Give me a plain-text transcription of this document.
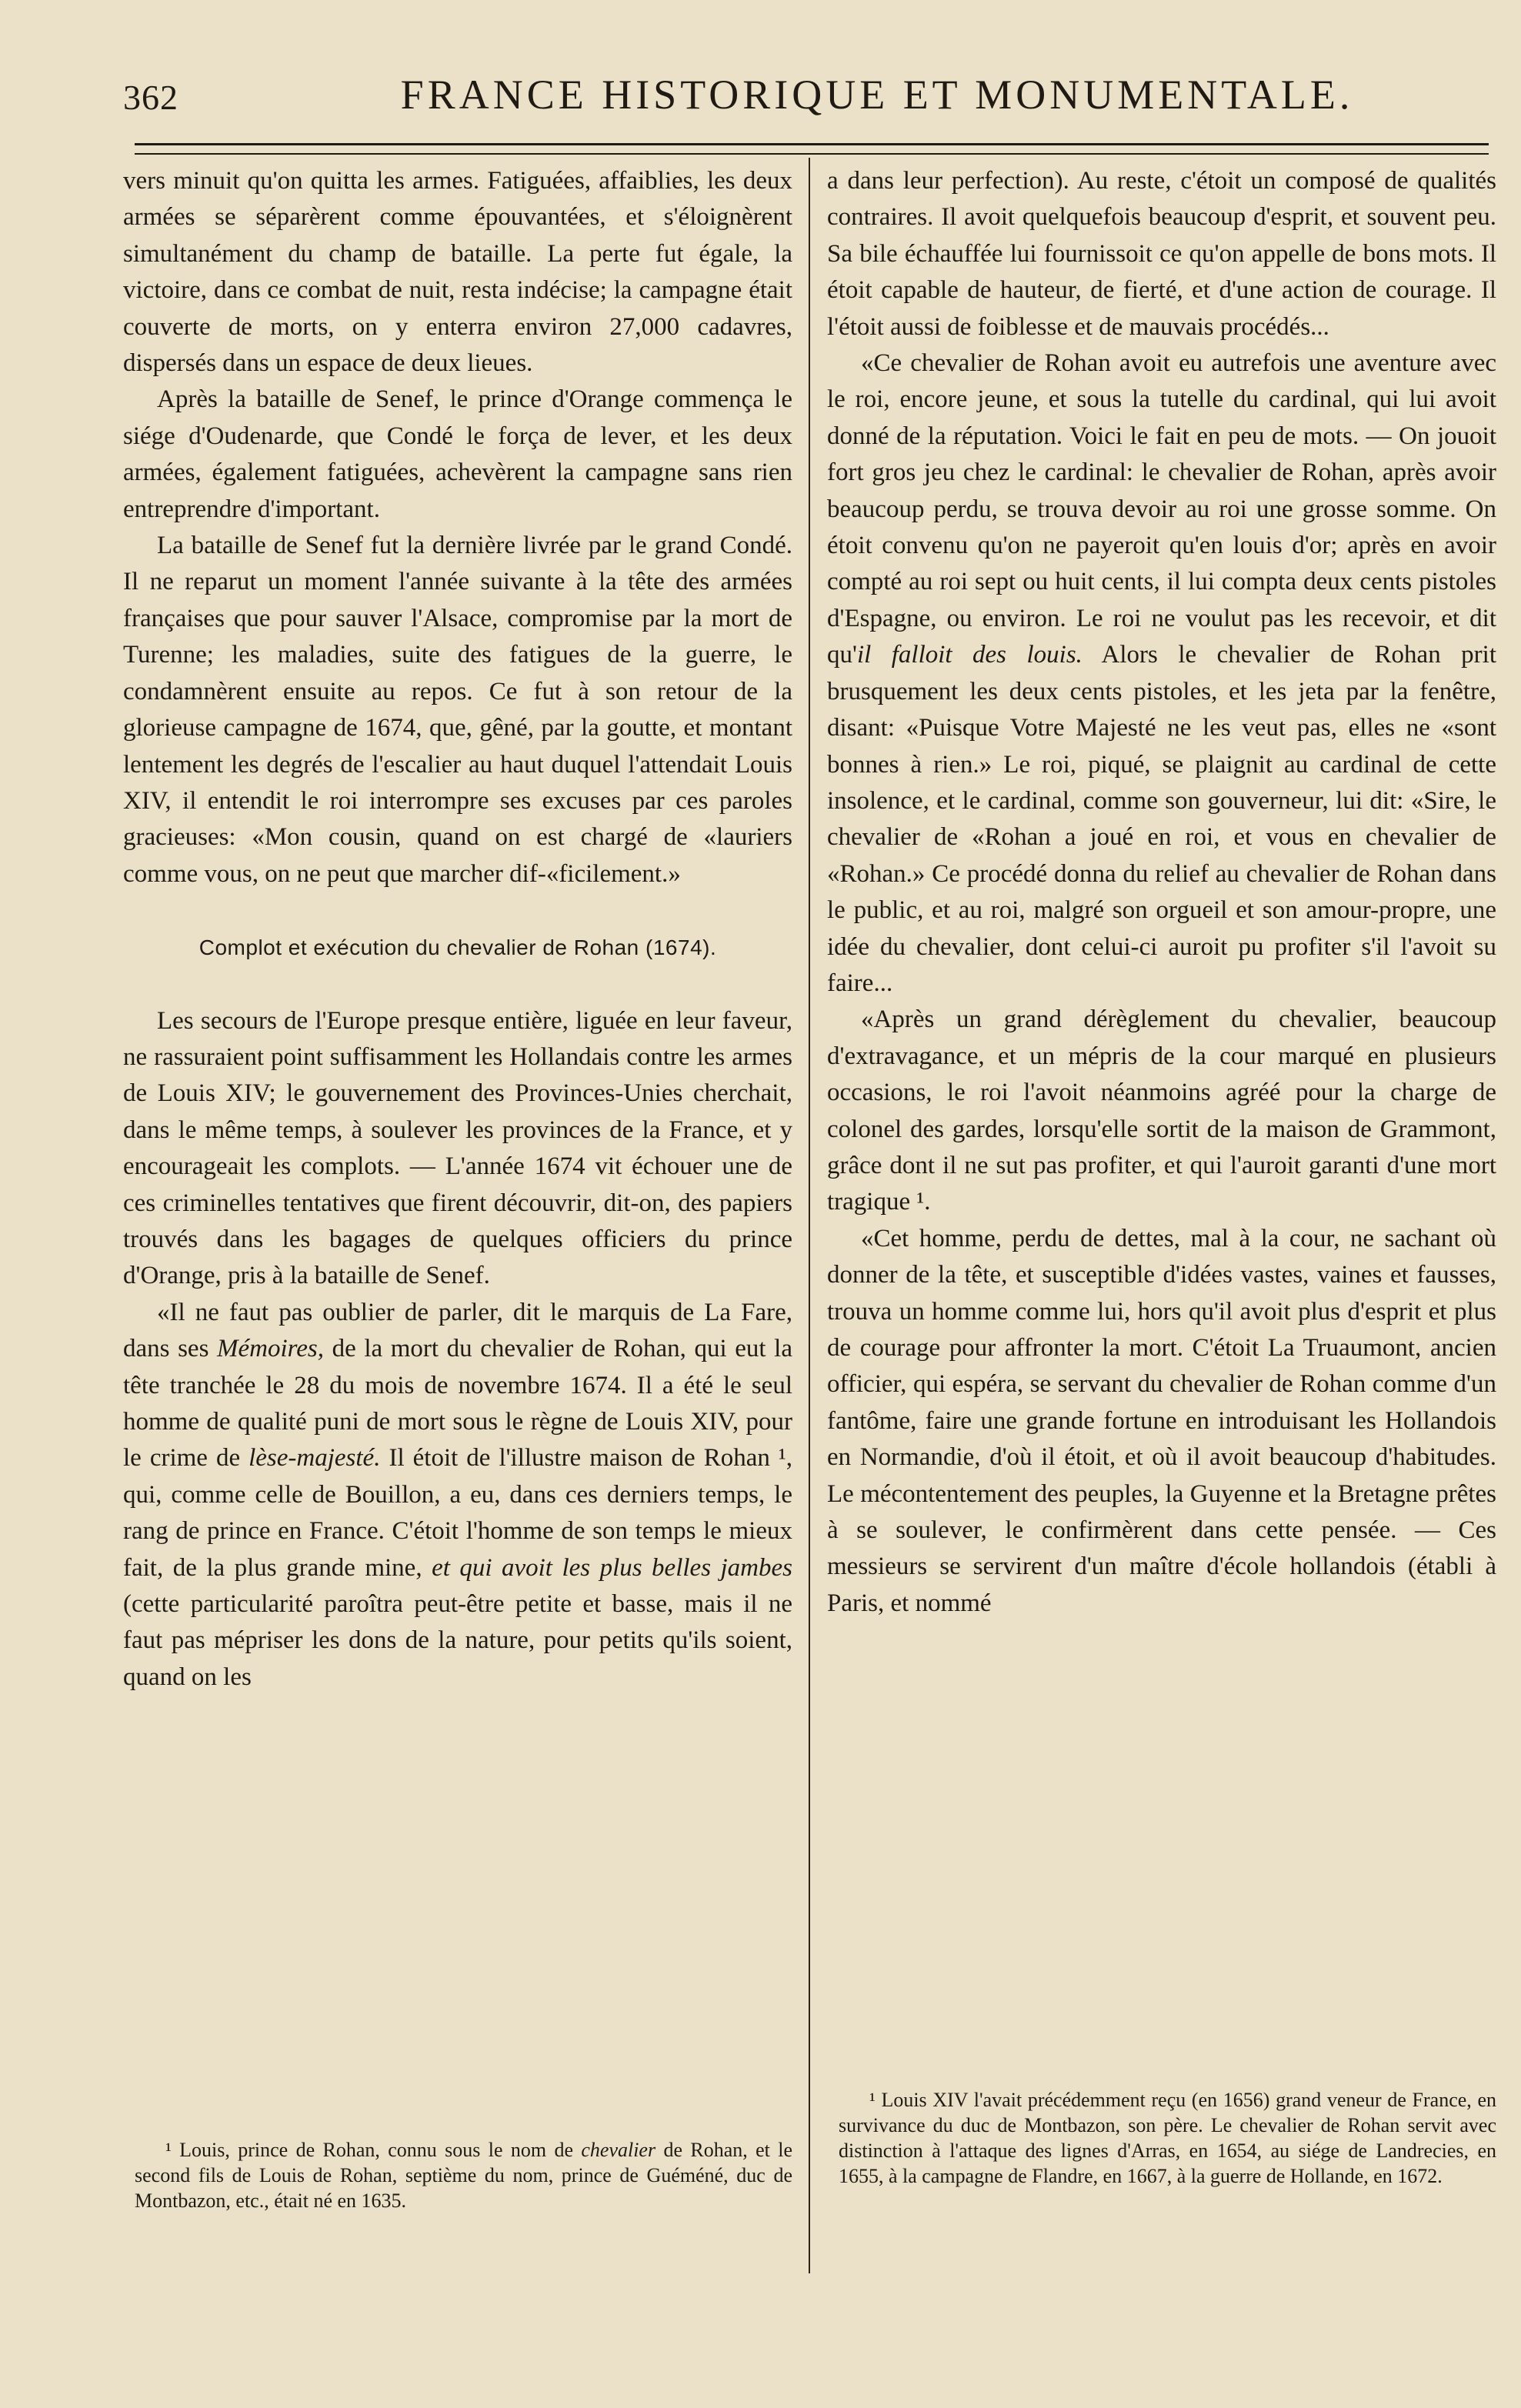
362	FRANCE HISTORIQUE ET MONUMENTALE.

vers minuit qu'on quitta les armes. Fatiguées, affaiblies, les deux armées se séparèrent comme épouvantées, et s'éloignèrent simultanément du champ de bataille. La perte fut égale, la victoire, dans ce combat de nuit, resta indécise; la campagne était couverte de morts, on y enterra environ 27,000 cadavres, dispersés dans un espace de deux lieues.

Après la bataille de Senef, le prince d'Orange commença le siége d'Oudenarde, que Condé le força de lever, et les deux armées, également fatiguées, achevèrent la campagne sans rien entreprendre d'important.

La bataille de Senef fut la dernière livrée par le grand Condé. Il ne reparut un moment l'année suivante à la tête des armées françaises que pour sauver l'Alsace, compromise par la mort de Turenne; les maladies, suite des fatigues de la guerre, le condamnèrent ensuite au repos. Ce fut à son retour de la glorieuse campagne de 1674, que, gêné, par la goutte, et montant lentement les degrés de l'escalier au haut duquel l'attendait Louis XIV, il entendit le roi interrompre ses excuses par ces paroles gracieuses: «Mon cousin, quand on est chargé de «lauriers comme vous, on ne peut que marcher dif-«ficilement.»

Complot et exécution du chevalier de Rohan (1674).

Les secours de l'Europe presque entière, liguée en leur faveur, ne rassuraient point suffisamment les Hollandais contre les armes de Louis XIV; le gouvernement des Provinces-Unies cherchait, dans le même temps, à soulever les provinces de la France, et y encourageait les complots. — L'année 1674 vit échouer une de ces criminelles tentatives que firent découvrir, dit-on, des papiers trouvés dans les bagages de quelques officiers du prince d'Orange, pris à la bataille de Senef.

«Il ne faut pas oublier de parler, dit le marquis de La Fare, dans ses Mémoires, de la mort du chevalier de Rohan, qui eut la tête tranchée le 28 du mois de novembre 1674. Il a été le seul homme de qualité puni de mort sous le règne de Louis XIV, pour le crime de lèse-majesté. Il étoit de l'illustre maison de Rohan ¹, qui, comme celle de Bouillon, a eu, dans ces derniers temps, le rang de prince en France. C'étoit l'homme de son temps le mieux fait, de la plus grande mine, et qui avoit les plus belles jambes (cette particularité paroîtra peut-être petite et basse, mais il ne faut pas mépriser les dons de la nature, pour petits qu'ils soient, quand on les

a dans leur perfection). Au reste, c'étoit un composé de qualités contraires. Il avoit quelquefois beaucoup d'esprit, et souvent peu. Sa bile échauffée lui fournissoit ce qu'on appelle de bons mots. Il étoit capable de hauteur, de fierté, et d'une action de courage. Il l'étoit aussi de foiblesse et de mauvais procédés...

«Ce chevalier de Rohan avoit eu autrefois une aventure avec le roi, encore jeune, et sous la tutelle du cardinal, qui lui avoit donné de la réputation. Voici le fait en peu de mots. — On jouoit fort gros jeu chez le cardinal: le chevalier de Rohan, après avoir beaucoup perdu, se trouva devoir au roi une grosse somme. On étoit convenu qu'on ne payeroit qu'en louis d'or; après en avoir compté au roi sept ou huit cents, il lui compta deux cents pistoles d'Espagne, ou environ. Le roi ne voulut pas les recevoir, et dit qu'il falloit des louis. Alors le chevalier de Rohan prit brusquement les deux cents pistoles, et les jeta par la fenêtre, disant: «Puisque Votre Majesté ne les veut pas, elles ne «sont bonnes à rien.» Le roi, piqué, se plaignit au cardinal de cette insolence, et le cardinal, comme son gouverneur, lui dit: «Sire, le chevalier de «Rohan a joué en roi, et vous en chevalier de «Rohan.» Ce procédé donna du relief au chevalier de Rohan dans le public, et au roi, malgré son orgueil et son amour-propre, une idée du chevalier, dont celui-ci auroit pu profiter s'il l'avoit su faire...

«Après un grand dérèglement du chevalier, beaucoup d'extravagance, et un mépris de la cour marqué en plusieurs occasions, le roi l'avoit néanmoins agréé pour la charge de colonel des gardes, lorsqu'elle sortit de la maison de Grammont, grâce dont il ne sut pas profiter, et qui l'auroit garanti d'une mort tragique ¹.

«Cet homme, perdu de dettes, mal à la cour, ne sachant où donner de la tête, et susceptible d'idées vastes, vaines et fausses, trouva un homme comme lui, hors qu'il avoit plus d'esprit et plus de courage pour affronter la mort. C'étoit La Truaumont, ancien officier, qui espéra, se servant du chevalier de Rohan comme d'un fantôme, faire une grande fortune en introduisant les Hollandois en Normandie, d'où il étoit, et où il avoit beaucoup d'habitudes. Le mécontentement des peuples, la Guyenne et la Bretagne prêtes à se soulever, le confirmèrent dans cette pensée. — Ces messieurs se servirent d'un maître d'école hollandois (établi à Paris, et nommé

¹ Louis, prince de Rohan, connu sous le nom de chevalier de Rohan, et le second fils de Louis de Rohan, septième du nom, prince de Guéméné, duc de Montbazon, etc., était né en 1635.

¹ Louis XIV l'avait précédemment reçu (en 1656) grand veneur de France, en survivance du duc de Montbazon, son père. Le chevalier de Rohan servit avec distinction à l'attaque des lignes d'Arras, en 1654, au siége de Landrecies, en 1655, à la campagne de Flandre, en 1667, à la guerre de Hollande, en 1672.
